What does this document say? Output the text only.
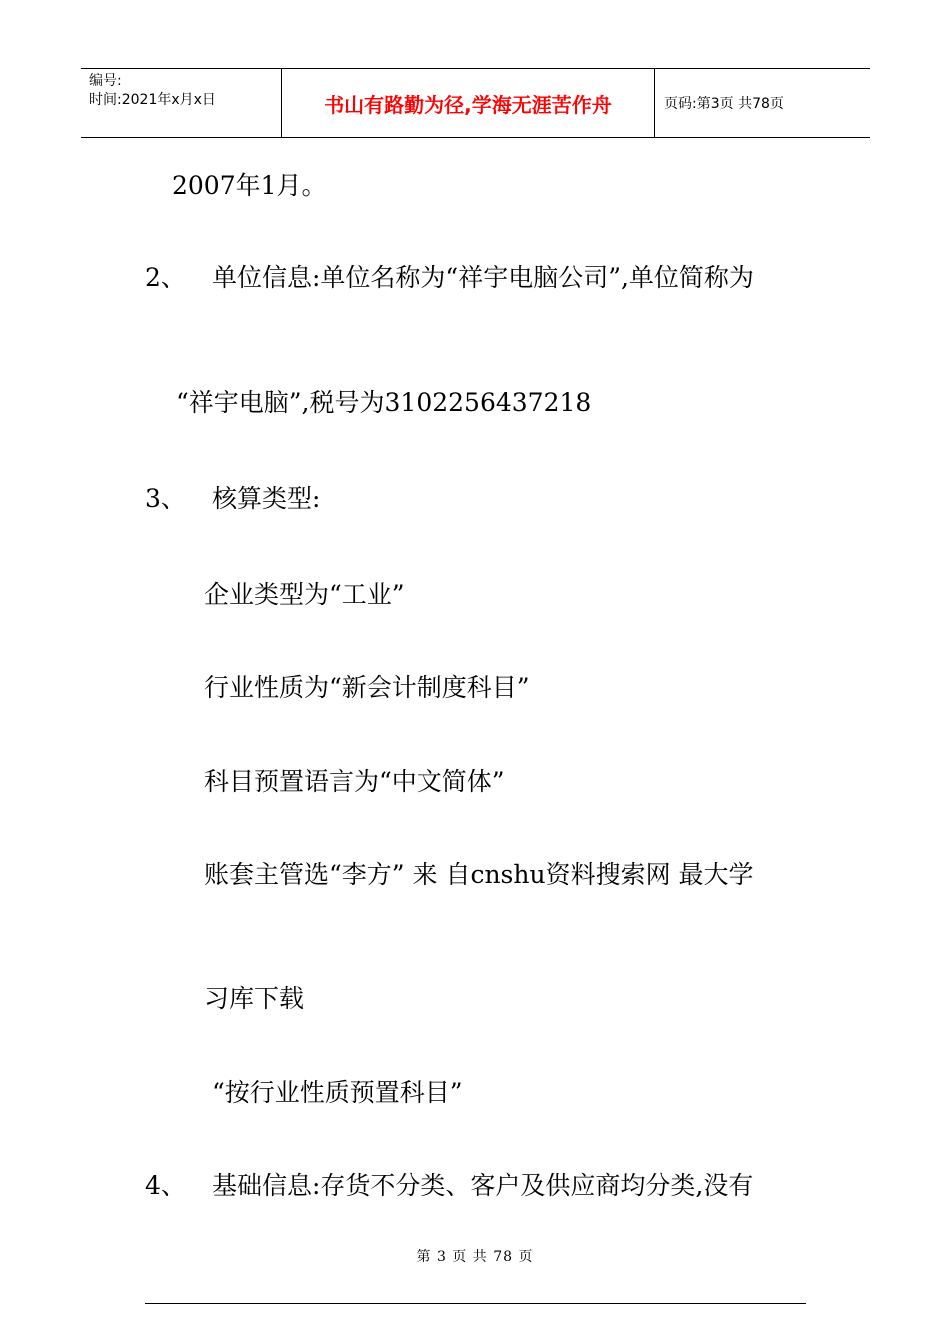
编号:
时间:2021年x月x日	书山有路勤为径,学海无涯苦作舟	页码:第3页 共78页
2007年1月。
2、 单位信息:单位名称为“祥宇电脑公司”,单位简称为
“祥宇电脑”,税号为3102256437218
3、 核算类型:
企业类型为“工业”
行业性质为“新会计制度科目”
科目预置语言为“中文简体”
账套主管选“李方” 来 自cnshu资料搜索网 最大学
习库下载
“按行业性质预置科目”
4、 基础信息:存货不分类、客户及供应商均分类,没有
第 3 页 共 78 页
